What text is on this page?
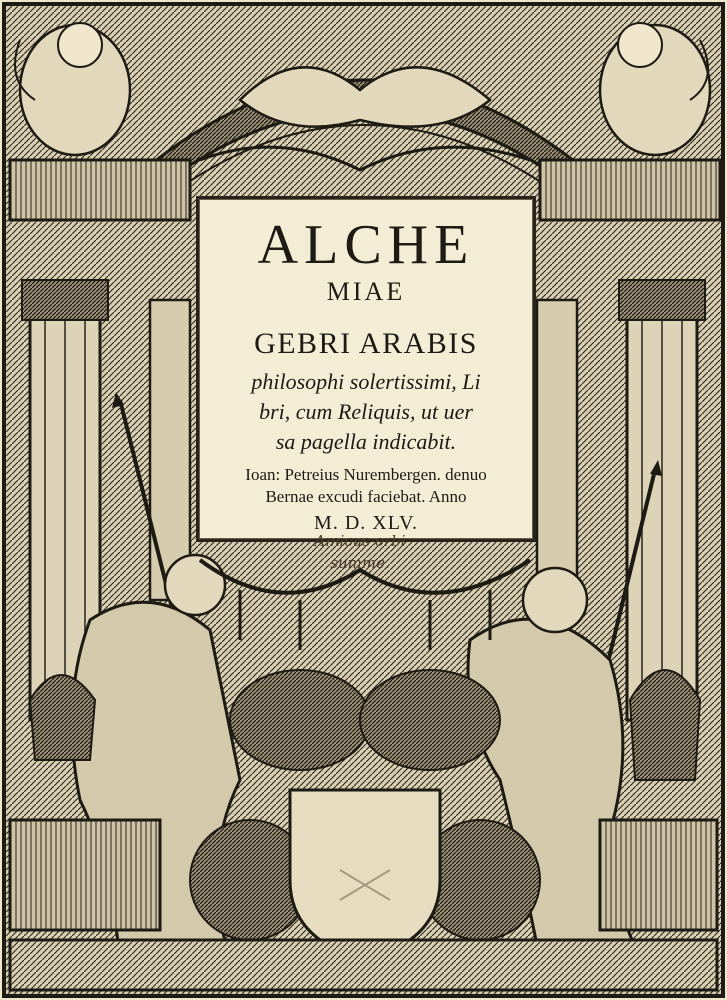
ALCHE
MIAE
GEBRI ARABIS
philosophi solertissimi, Li
bri, cum Reliquis, ut uer
sa pagella indicabit.
Ioan: Petreius Nurembergen. denuo
Bernae excudi faciebat. Anno
M. D. XLV.
Amicus orbi
summe.
